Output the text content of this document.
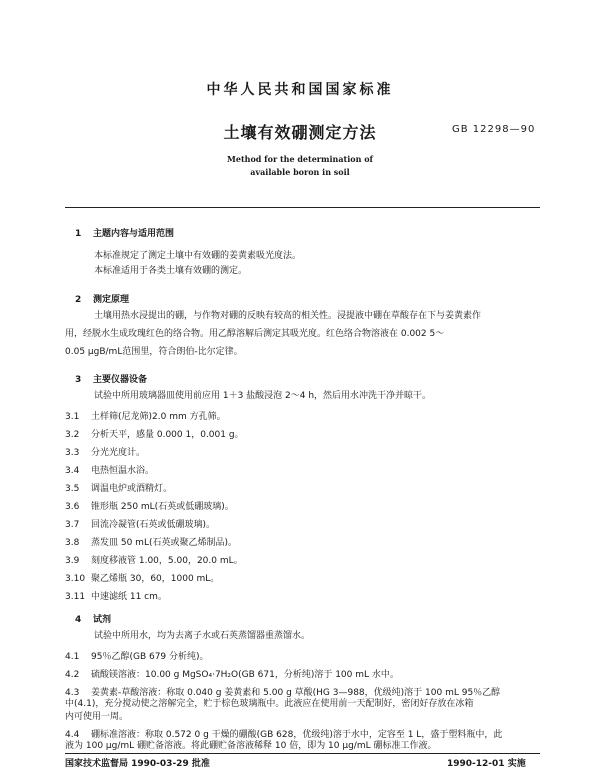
中华人民共和国国家标准
土壤有效硼测定方法	GB 12298—90
Method for the determination of
available boron in soil
1 主题内容与适用范围
本标准规定了测定土壤中有效硼的姜黄素吸光度法。
本标准适用于各类土壤有效硼的测定。
2 测定原理
土壤用热水浸提出的硼，与作物对硼的反映有较高的相关性。浸提液中硼在草酸存在下与姜黄素作
用，经脱水生成玫瑰红色的络合物。用乙醇溶解后测定其吸光度。红色络合物溶液在 0.002 5～
0.05 μgB/mL范围里，符合朗伯-比尔定律。
3 主要仪器设备
试验中所用玻璃器皿使用前应用 1＋3 盐酸浸泡 2～4 h，然后用水冲洗干净并晾干。
3.1 土样筛(尼龙筛)2.0 mm 方孔筛。
3.2 分析天平，感量 0.000 1，0.001 g。
3.3 分光光度计。
3.4 电热恒温水浴。
3.5 调温电炉或酒精灯。
3.6 锥形瓶 250 mL(石英或低硼玻璃)。
3.7 回流冷凝管(石英或低硼玻璃)。
3.8 蒸发皿 50 mL(石英或聚乙烯制品)。
3.9 刻度移液管 1.00，5.00，20.0 mL。
3.10 聚乙烯瓶 30，60，1000 mL。
3.11 中速滤纸 11 cm。
4 试剂
试验中所用水，均为去离子水或石英蒸馏器重蒸馏水。
4.1 95％乙醇(GB 679 分析纯)。
4.2 硫酸镁溶液：10.00 g MgSO₄·7H₂O(GB 671，分析纯)溶于 100 mL 水中。
4.3 姜黄素-草酸溶液：称取 0.040 g 姜黄素和 5.00 g 草酸(HG 3—988，优级纯)溶于 100 mL 95％乙醇
中(4.1)，充分搅动使之溶解完全，贮于棕色玻璃瓶中。此液应在使用前一天配制好，密闭好存放在冰箱
内可使用一周。
4.4 硼标准溶液：称取 0.572 0 g 干燥的硼酸(GB 628，优级纯)溶于水中，定容至 1 L，盛于塑料瓶中，此
液为 100 μg/mL 硼贮备溶液。将此硼贮备溶液稀释 10 倍，即为 10 μg/mL 硼标准工作液。
国家技术监督局 1990-03-29 批准	1990-12-01 实施
